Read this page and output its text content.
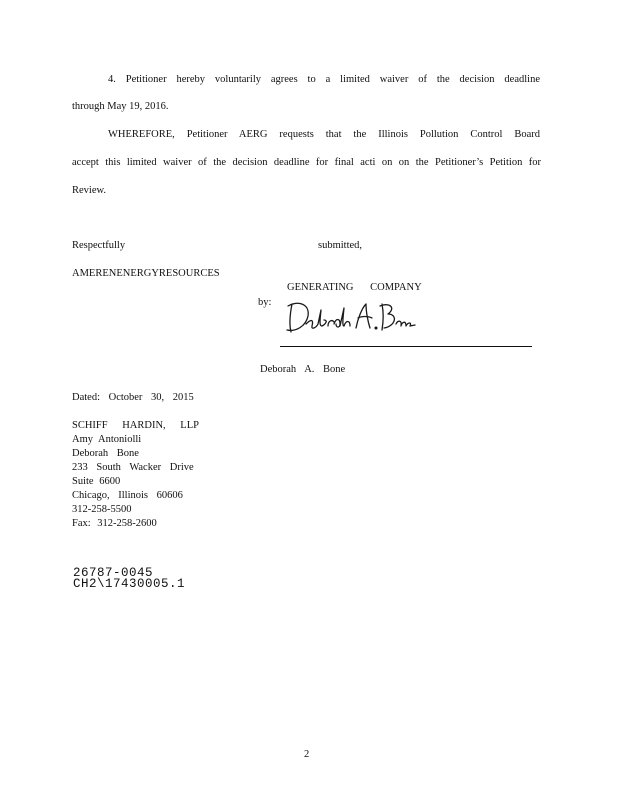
4. Petitioner hereby voluntarily agrees to a limited waiver of the decision deadline
through May 19, 2016.
WHEREFORE, Petitioner AERG requests that the Illinois Pollution Control Board
accept this limited waiver of the decision deadline for final acti on on the Petitioner’s Petition for
Review.
Respectfully	submitted,
AMERENENERGYRESOURCES
GENERATING COMPANY
by:
Deborah A. Bone
Dated: October 30, 2015
SCHIFF HARDIN, LLP
Amy Antoniolli
Deborah Bone
233 South Wacker Drive
Suite 6600
Chicago, Illinois 60606
312-258-5500
Fax: 312-258-2600
26787-0045
CH2\17430005.1
2
